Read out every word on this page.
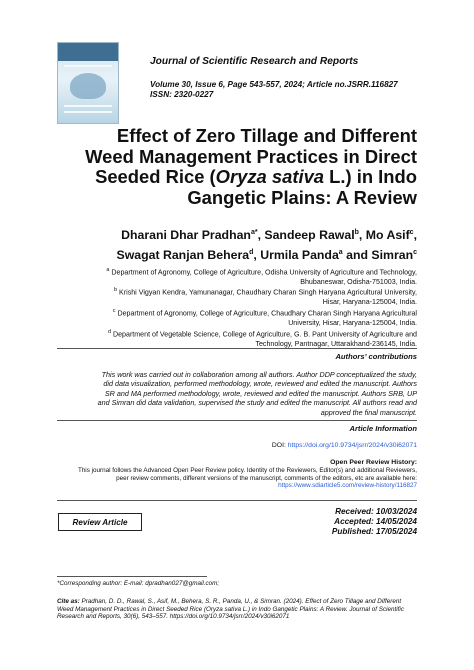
Journal of Scientific Research and Reports
Volume 30, Issue 6, Page 543-557, 2024; Article no.JSRR.116827
ISSN: 2320-0227
Effect of Zero Tillage and Different
Weed Management Practices in Direct
Seeded Rice (Oryza sativa L.) in Indo
Gangetic Plains: A Review
Dharani Dhar Pradhan$^{a*}$, Sandeep Rawal$^b$, Mo Asif$^c$,
Swagat Ranjan Behera$^d$, Urmila Panda$^a$ and Simran$^c$
$^a$ Department of Agronomy, College of Agriculture, Odisha University of Agriculture and Technology,
Bhubaneswar, Odisha-751003, India.
$^b$ Krishi Vigyan Kendra, Yamunanagar, Chaudhary Charan Singh Haryana Agricultural University,
Hisar, Haryana-125004, India.
$^c$ Department of Agronomy, College of Agriculture, Chaudhary Charan Singh Haryana Agricultural
University, Hisar, Haryana-125004, India.
$^d$ Department of Vegetable Science, College of Agriculture, G. B. Pant University of Agriculture and
Technology, Pantnagar, Uttarakhand-236145, India.
Authors’ contributions
This work was carried out in collaboration among all authors. Author DDP conceptualized the study,
did data visualization, performed methodology, wrote, reviewed and edited the manuscript. Authors
SR and MA performed methodology, wrote, reviewed and edited the manuscript. Authors SRB, UP
and Simran did data validation, supervised the study and edited the manuscript. All authors read and
approved the final manuscript.
Article Information
DOI: https://doi.org/10.9734/jsrr/2024/v30i62071
Open Peer Review History:
This journal follows the Advanced Open Peer Review policy. Identity of the Reviewers, Editor(s) and additional Reviewers,
peer review comments, different versions of the manuscript, comments of the editors, etc are available here:
https://www.sdiarticle5.com/review-history/116827
Review Article
Received: 10/03/2024
Accepted: 14/05/2024
Published: 17/05/2024
*Corresponding author: E-mail: dpradhan027@gmail.com;
Cite as: Pradhan, D. D., Rawal, S., Asif, M., Behera, S. R., Panda, U., & Simran. (2024). Effect of Zero Tillage and Different
Weed Management Practices in Direct Seeded Rice (Oryza sativa L.) in Indo Gangetic Plains: A Review. Journal of Scientific
Research and Reports, 30(6), 543–557. https://doi.org/10.9734/jsrr/2024/v30i62071
